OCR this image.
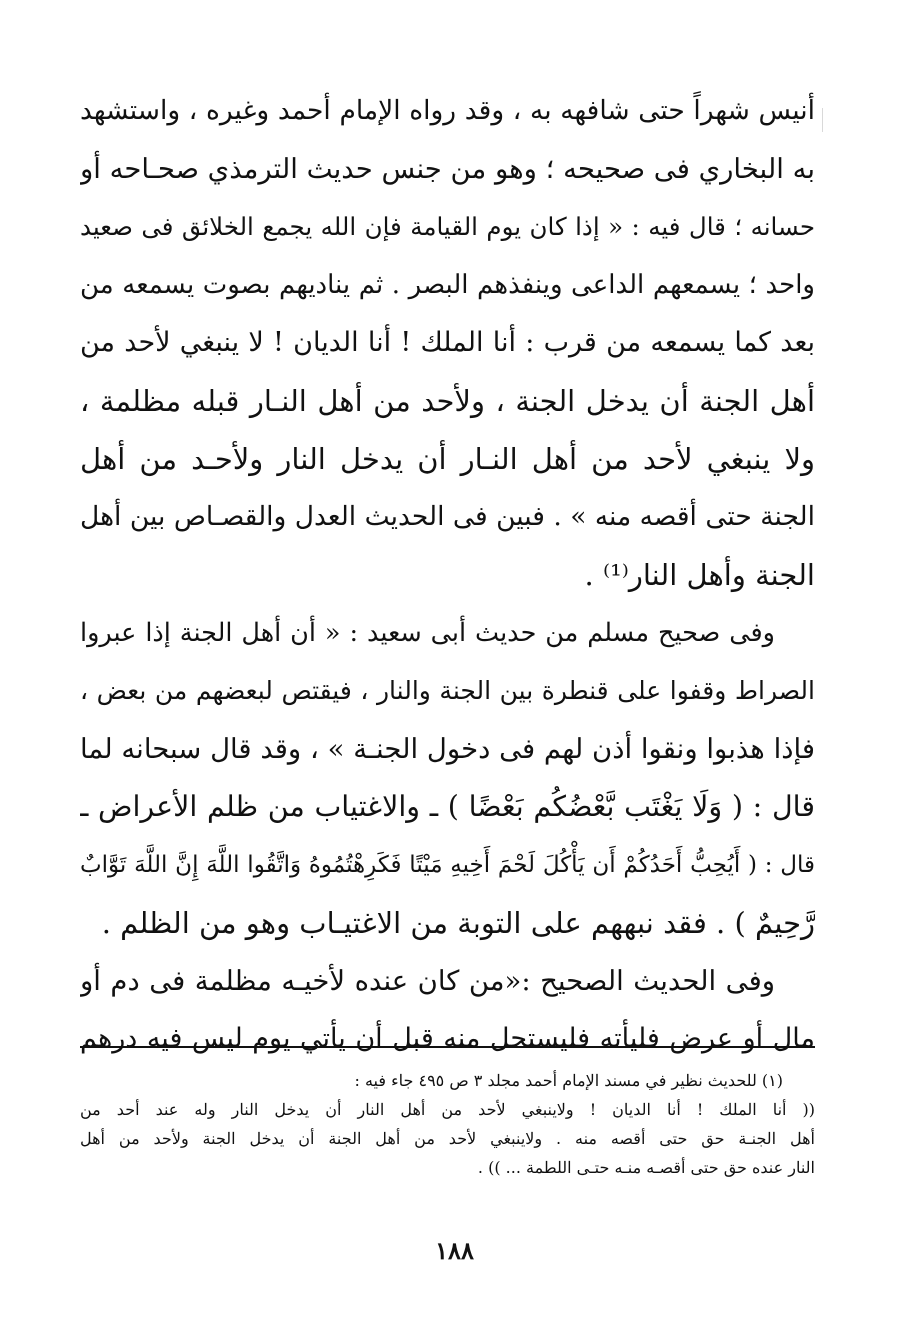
أنيس شهراً حتى شافهه به ، وقد رواه الإمام أحمد وغيره ، واستشهد
به البخاري فى صحيحه ؛ وهو من جنس حديث الترمذي صحـاحه أو
حسانه ؛ قال فيه : « إذا كان يوم القيامة فإن الله يجمع الخلائق فى صعيد
واحد ؛ يسمعهم الداعى وينفذهم البصر . ثم يناديهم بصوت يسمعه من
بعد كما يسمعه من قرب : أنا الملك ! أنا الديان ! لا ينبغي لأحد من
أهل الجنة أن يدخل الجنة ، ولأحد من أهل النـار قبله مظلمة ،
ولا ينبغي لأحد من أهل النـار أن يدخل النار ولأحـد من أهل
الجنة حتى أقصه منه » . فبين فى الحديث العدل والقصـاص بين أهل
الجنة وأهل النار⁽¹⁾ .
وفى صحيح مسلم من حديث أبى سعيد : « أن أهل الجنة إذا عبروا
الصراط وقفوا على قنطرة بين الجنة والنار ، فيقتص لبعضهم من بعض ،
فإذا هذبوا ونقوا أذن لهم فى دخول الجنـة » ، وقد قال سبحانه لما
قال : ( وَلَا يَغْتَب بَّعْضُكُم بَعْضًا ) ـ والاغتياب من ظلم الأعراض ـ
قال : ( أَيُحِبُّ أَحَدُكُمْ أَن يَأْكُلَ لَحْمَ أَخِيهِ مَيْتًا فَكَرِهْتُمُوهُ وَاتَّقُوا اللَّهَ إِنَّ اللَّهَ تَوَّابٌ
رَّحِيمٌ ) . فقد نبههم على التوبة من الاغتيـاب وهو من الظلم .
وفى الحديث الصحيح :«من كان عنده لأخيـه مظلمة فى دم أو
مال أو عرض فليأته فليستحل منه قبل أن يأتي يوم ليس فيه درهم
(١) للحديث نظير في مسند الإمام أحمد مجلد ٣ ص ٤٩٥ جاء فيه :
(( أنا الملك ! أنا الديان ! ولاينبغي لأحد من أهل النار أن يدخل النار وله عند أحد من
أهل الجنـة حق حتى أقصه منه . ولاينبغي لأحد من أهل الجنة أن يدخل الجنة ولأحد من أهل
النار عنده حق حتى أقصـه منـه حتـى اللطمة ... )) .
١٨٨
